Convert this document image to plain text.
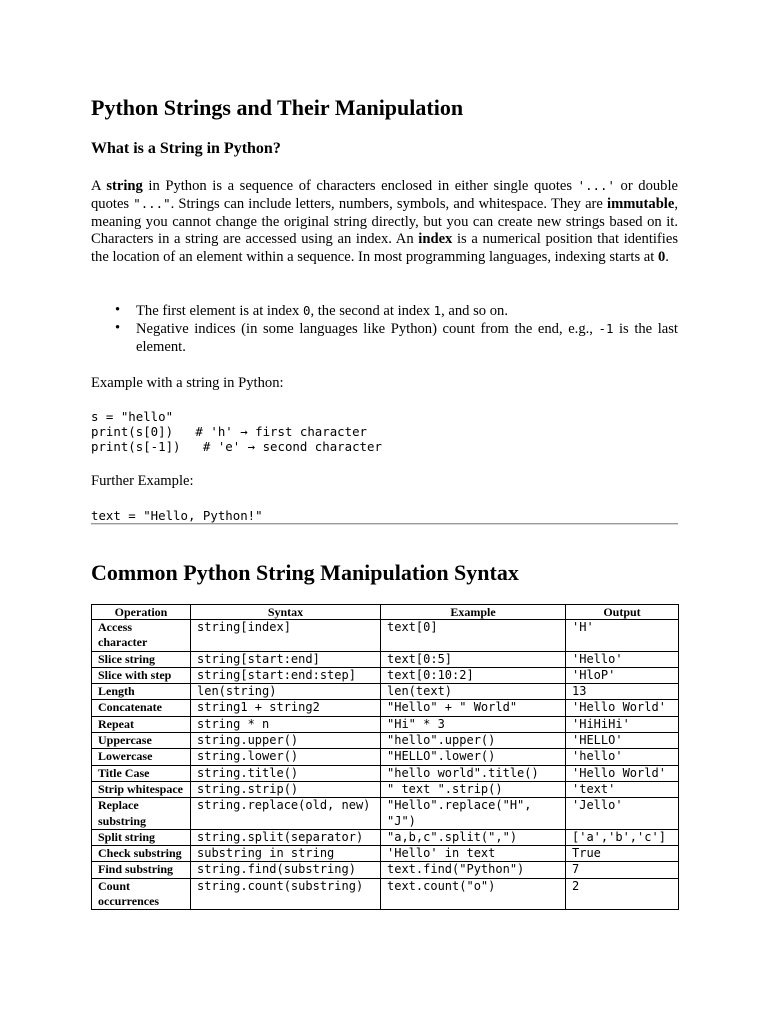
Python Strings and Their Manipulation
What is a String in Python?

A string in Python is a sequence of characters enclosed in either single quotes '...' or double quotes "...". Strings can include letters, numbers, symbols, and whitespace. They are immutable, meaning you cannot change the original string directly, but you can create new strings based on it. Characters in a string are accessed using an index. An index is a numerical position that identifies the location of an element within a sequence. In most programming languages, indexing starts at 0.

• The first element is at index 0, the second at index 1, and so on.
• Negative indices (in some languages like Python) count from the end, e.g., -1 is the last element.
Example with a string in Python:
s = "hello"
print(s[0])   # 'h' → first character
print(s[-1])   # 'e' → second character
Further Example:
text = "Hello, Python!"
Common Python String Manipulation Syntax
Operation	Syntax	Example	Output
Access character	string[index]	text[0]	'H'
Slice string	string[start:end]	text[0:5]	'Hello'
Slice with step	string[start:end:step]	text[0:10:2]	'HloP'
Length	len(string)	len(text)	13
Concatenate	string1 + string2	"Hello" + " World"	'Hello World'
Repeat	string * n	"Hi" * 3	'HiHiHi'
Uppercase	string.upper()	"hello".upper()	'HELLO'
Lowercase	string.lower()	"HELLO".lower()	'hello'
Title Case	string.title()	"hello world".title()	'Hello World'
Strip whitespace	string.strip()	" text ".strip()	'text'
Replace substring	string.replace(old, new)	"Hello".replace("H", "J")	'Jello'
Split string	string.split(separator)	"a,b,c".split(",")	['a','b','c']
Check substring	substring in string	'Hello' in text	True
Find substring	string.find(substring)	text.find("Python")	7
Count occurrences	string.count(substring)	text.count("o")	2
